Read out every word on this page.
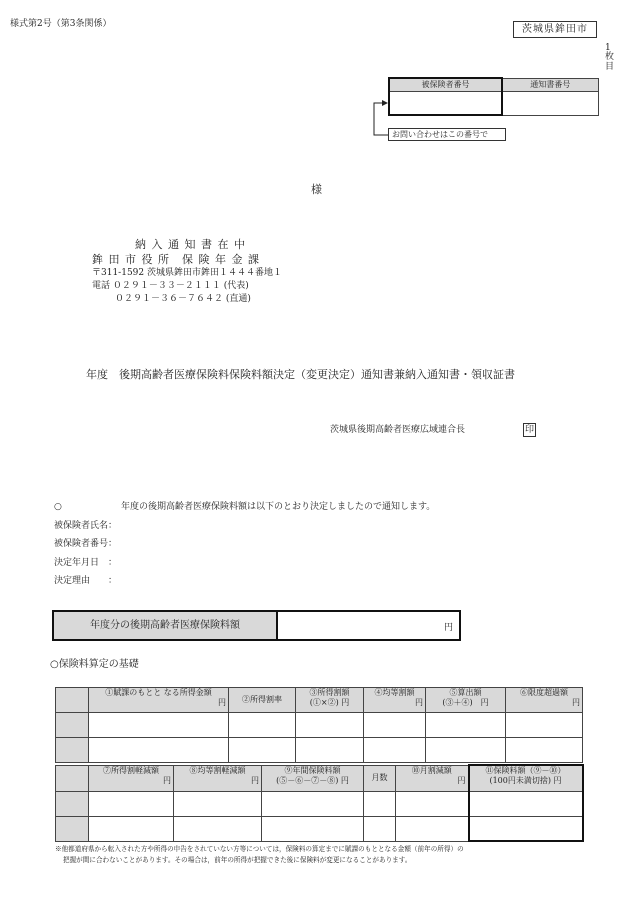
様式第2号（第3条関係）	茨城県鉾田市
1枚目
被保険者番号	通知書番号

お問い合わせはこの番号で
様
納 入 通 知 書 在 中
鉾 田 市 役 所　保 険 年 金 課
〒311-1592 茨城県鉾田市鉾田１４４４番地１
電話 ０２９１－３３－２１１１ (代表)
０２９１－３６－７６４２ (直通)
年度　後期高齢者医療保険料保険料額決定（変更決定）通知書兼納入通知書・領収証書
茨城県後期高齢者医療広域連合長	印
○	年度の後期高齢者医療保険料額は以下のとおり決定しましたので通知します。
被保険者氏名：
被保険者番号：
決定年月日　：
決定理由　　：
年度分の後期高齢者医療保険料額	円
○保険料算定の基礎

	①賦課のもとと なる所得金額
円	②所得割率	③所得割額
(①×②) 円	④均等割額
円	⑤算出額
(③＋④)　 円	⑥限度超過額
円

	⑦所得割軽減額
円	⑧均等割軽減額
円	⑨年間保険料額
(⑤－⑥－⑦－⑧) 円	月数	⑩月割減額
円	⑪保険料額（⑨－⑩）
(100円未満切捨) 円

※他都道府県から転入された方や所得の申告をされていない方等については，保険料の算定までに賦課のもととなる金額（前年の所得）の
把握が間に合わないことがあります。その場合は，前年の所得が把握できた後に保険料が変更になることがあります。
